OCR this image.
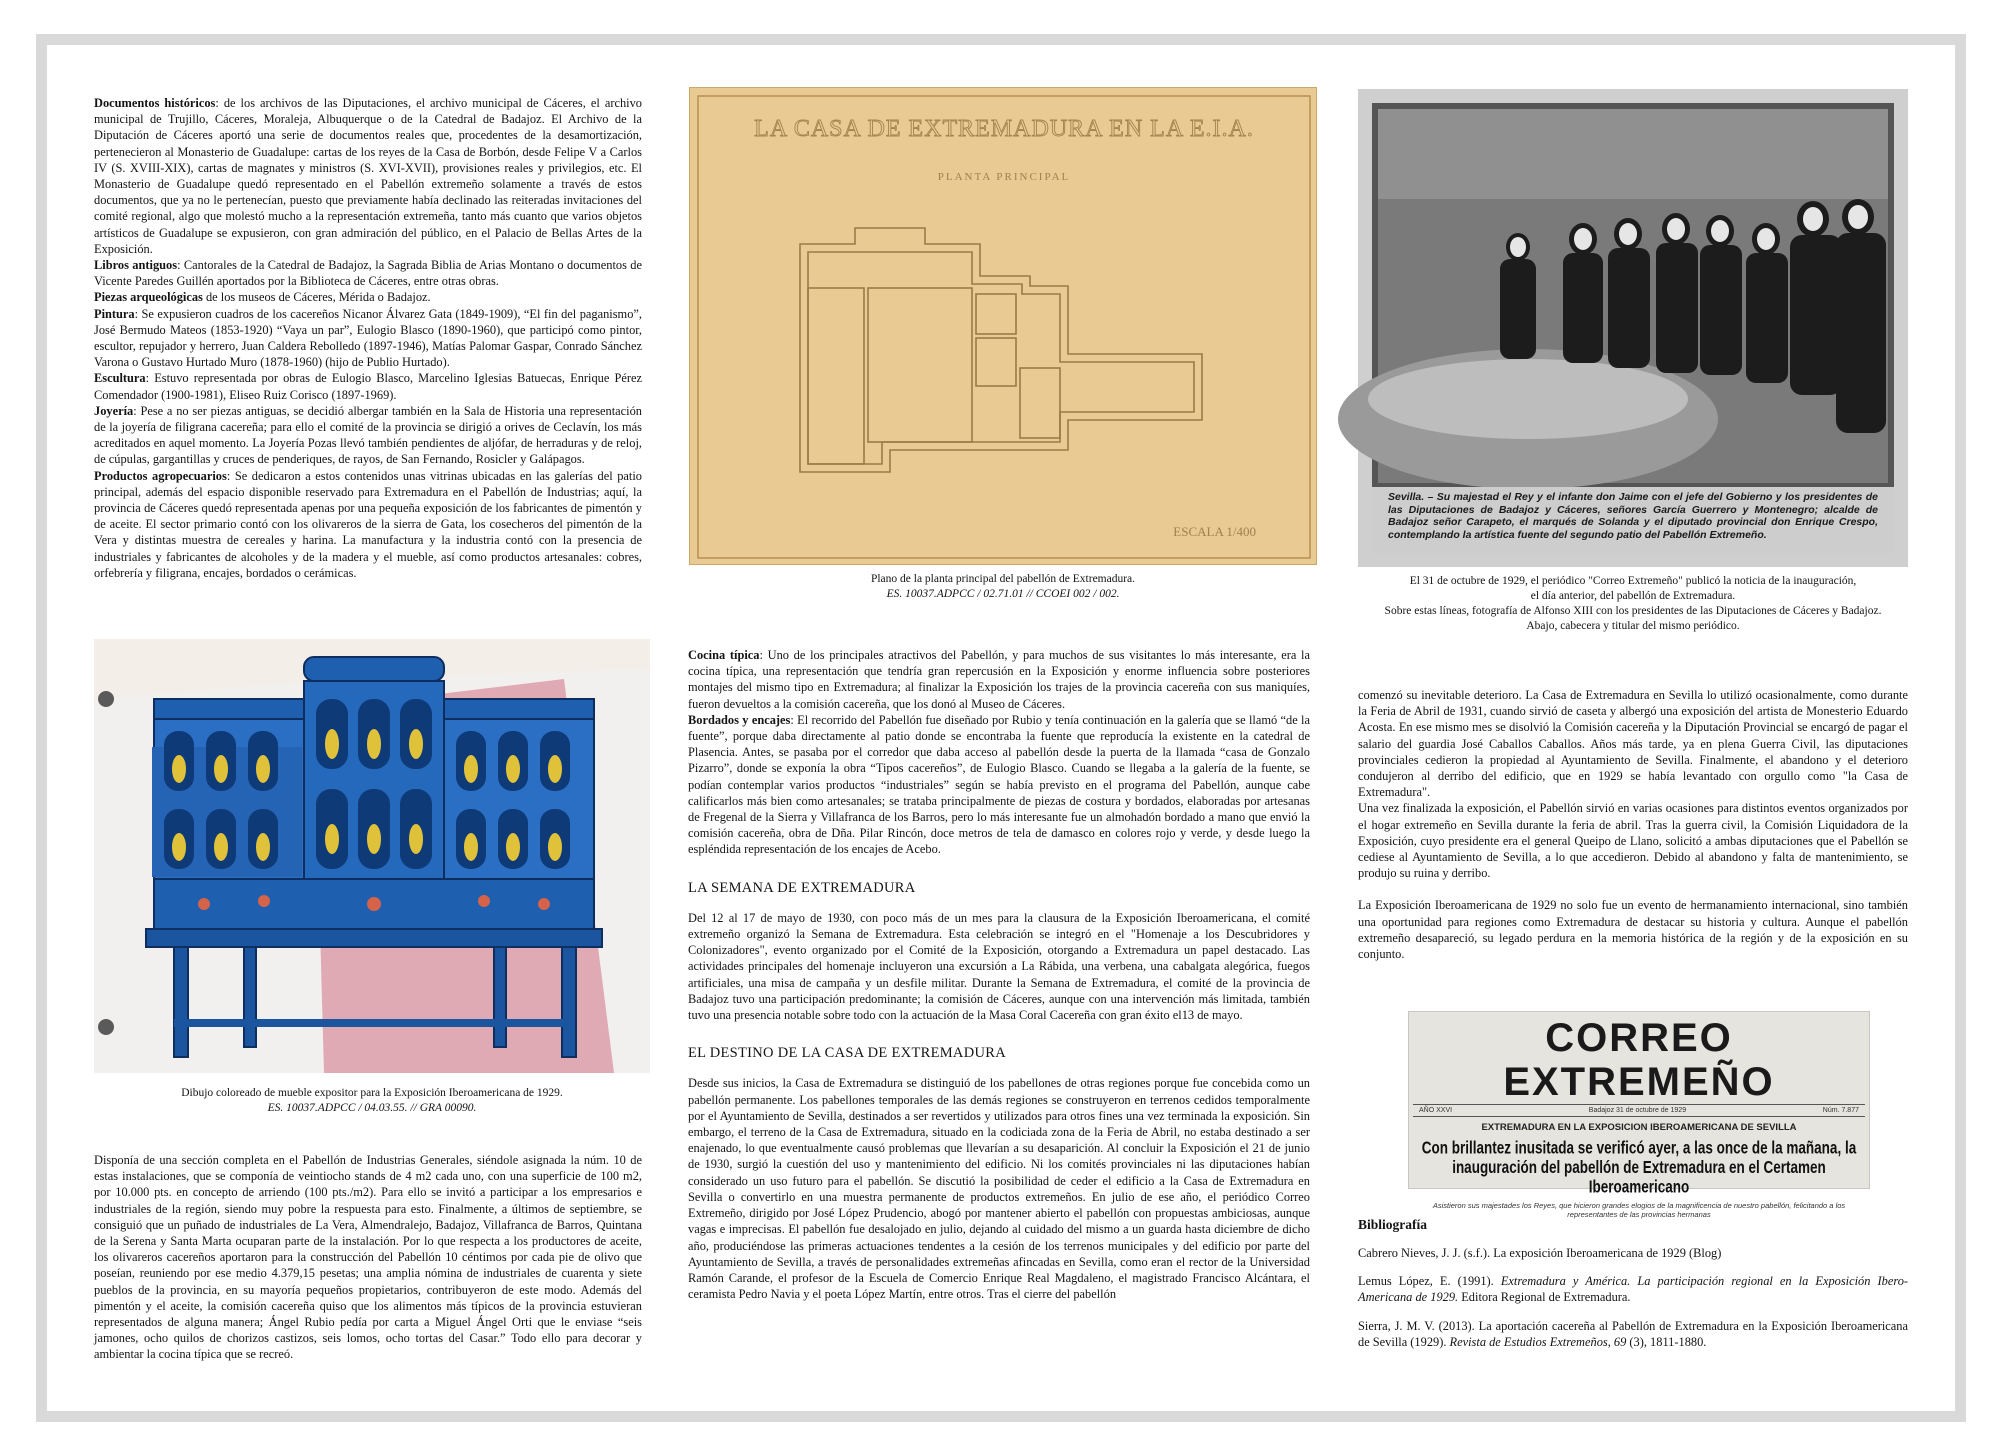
Documentos históricos: de los archivos de las Diputaciones, el archivo municipal de Cáceres, el archivo municipal de Trujillo, Cáceres, Moraleja, Albuquerque o de la Catedral de Badajoz. El Archivo de la Diputación de Cáceres aportó una serie de documentos reales que, procedentes de la desamortización, pertenecieron al Monasterio de Guadalupe: cartas de los reyes de la Casa de Borbón, desde Felipe V a Carlos IV (S. XVIII-XIX), cartas de magnates y ministros (S. XVI-XVII), provisiones reales y privilegios, etc. El Monasterio de Guadalupe quedó representado en el Pabellón extremeño solamente a través de estos documentos, que ya no le pertenecían, puesto que previamente había declinado las reiteradas invitaciones del comité regional, algo que molestó mucho a la representación extremeña, tanto más cuanto que varios objetos artísticos de Guadalupe se expusieron, con gran admiración del público, en el Palacio de Bellas Artes de la Exposición.

Libros antiguos: Cantorales de la Catedral de Badajoz, la Sagrada Biblia de Arias Montano o documentos de Vicente Paredes Guillén aportados por la Biblioteca de Cáceres, entre otras obras.

Piezas arqueológicas de los museos de Cáceres, Mérida o Badajoz.

Pintura: Se expusieron cuadros de los cacereños Nicanor Álvarez Gata (1849-1909), “El fin del paganismo”, José Bermudo Mateos (1853-1920) “Vaya un par”, Eulogio Blasco (1890-1960), que participó como pintor, escultor, repujador y herrero, Juan Caldera Rebolledo (1897-1946), Matías Palomar Gaspar, Conrado Sánchez Varona o Gustavo Hurtado Muro (1878-1960) (hijo de Publio Hurtado).

Escultura: Estuvo representada por obras de Eulogio Blasco, Marcelino Iglesias Batuecas, Enrique Pérez Comendador (1900-1981), Eliseo Ruiz Corisco (1897-1969).

Joyería: Pese a no ser piezas antiguas, se decidió albergar también en la Sala de Historia una representación de la joyería de filigrana cacereña; para ello el comité de la provincia se dirigió a orives de Ceclavín, los más acreditados en aquel momento. La Joyería Pozas llevó también pendientes de aljófar, de herraduras y de reloj, de cúpulas, gargantillas y cruces de penderiques, de rayos, de San Fernando, Rosicler y Galápagos.

Productos agropecuarios: Se dedicaron a estos contenidos unas vitrinas ubicadas en las galerías del patio principal, además del espacio disponible reservado para Extremadura en el Pabellón de Industrias; aquí, la provincia de Cáceres quedó representada apenas por una pequeña exposición de los fabricantes de pimentón y de aceite. El sector primario contó con los olivareros de la sierra de Gata, los cosecheros del pimentón de la Vera y distintas muestra de cereales y harina. La manufactura y la industria contó con la presencia de industriales y fabricantes de alcoholes y de la madera y el mueble, así como productos artesanales: cobres, orfebrería y filigrana, encajes, bordados o cerámicas.

Dibujo coloreado de mueble expositor para la Exposición Iberoamericana de 1929.
ES. 10037.ADPCC / 04.03.55. // GRA 00090.

Disponía de una sección completa en el Pabellón de Industrias Generales, siéndole asignada la núm. 10 de estas instalaciones, que se componía de veintiocho stands de 4 m2 cada uno, con una superficie de 100 m2, por 10.000 pts. en concepto de arriendo (100 pts./m2). Para ello se invitó a participar a los empresarios e industriales de la región, siendo muy pobre la respuesta para esto. Finalmente, a últimos de septiembre, se consiguió que un puñado de industriales de La Vera, Almendralejo, Badajoz, Villafranca de Barros, Quintana de la Serena y Santa Marta ocuparan parte de la instalación. Por lo que respecta a los productores de aceite, los olivareros cacereños aportaron para la construcción del Pabellón 10 céntimos por cada pie de olivo que poseían, reuniendo por ese medio 4.379,15 pesetas; una amplia nómina de industriales de cuarenta y siete pueblos de la provincia, en su mayoría pequeños propietarios, contribuyeron de este modo. Además del pimentón y el aceite, la comisión cacereña quiso que los alimentos más típicos de la provincia estuvieran representados de alguna manera; Ángel Rubio pedía por carta a Miguel Ángel Orti que le enviase “seis jamones, ocho quilos de chorizos castizos, seis lomos, ocho tortas del Casar.” Todo ello para decorar y ambientar la cocina típica que se recreó.

LA CASA DE EXTREMADURA EN LA E.I.A.
PLANTA PRINCIPAL
ESCALA 1/400
Plano de la planta principal del pabellón de Extremadura.
ES. 10037.ADPCC / 02.71.01 // CCOEI 002 / 002.

Cocina típica: Uno de los principales atractivos del Pabellón, y para muchos de sus visitantes lo más interesante, era la cocina típica, una representación que tendría gran repercusión en la Exposición y enorme influencia sobre posteriores montajes del mismo tipo en Extremadura; al finalizar la Exposición los trajes de la provincia cacereña con sus maniquíes, fueron devueltos a la comisión cacereña, que los donó al Museo de Cáceres.

Bordados y encajes: El recorrido del Pabellón fue diseñado por Rubio y tenía continuación en la galería que se llamó “de la fuente”, porque daba directamente al patio donde se encontraba la fuente que reproducía la existente en la catedral de Plasencia. Antes, se pasaba por el corredor que daba acceso al pabellón desde la puerta de la llamada “casa de Gonzalo Pizarro”, donde se exponía la obra “Tipos cacereños”, de Eulogio Blasco. Cuando se llegaba a la galería de la fuente, se podían contemplar varios productos “industriales” según se había previsto en el programa del Pabellón, aunque cabe calificarlos más bien como artesanales; se trataba principalmente de piezas de costura y bordados, elaboradas por artesanas de Fregenal de la Sierra y Villafranca de los Barros, pero lo más interesante fue un almohadón bordado a mano que envió la comisión cacereña, obra de Dña. Pilar Rincón, doce metros de tela de damasco en colores rojo y verde, y desde luego la espléndida representación de los encajes de Acebo.

LA SEMANA DE EXTREMADURA

Del 12 al 17 de mayo de 1930, con poco más de un mes para la clausura de la Exposición Iberoamericana, el comité extremeño organizó la Semana de Extremadura. Esta celebración se integró en el "Homenaje a los Descubridores y Colonizadores", evento organizado por el Comité de la Exposición, otorgando a Extremadura un papel destacado. Las actividades principales del homenaje incluyeron una excursión a La Rábida, una verbena, una cabalgata alegórica, fuegos artificiales, una misa de campaña y un desfile militar. Durante la Semana de Extremadura, el comité de la provincia de Badajoz tuvo una participación predominante; la comisión de Cáceres, aunque con una intervención más limitada, también tuvo una presencia notable sobre todo con la actuación de la Masa Coral Cacereña con gran éxito el13 de mayo.

EL DESTINO DE LA CASA DE EXTREMADURA

Desde sus inicios, la Casa de Extremadura se distinguió de los pabellones de otras regiones porque fue concebida como un pabellón permanente. Los pabellones temporales de las demás regiones se construyeron en terrenos cedidos temporalmente por el Ayuntamiento de Sevilla, destinados a ser revertidos y utilizados para otros fines una vez terminada la exposición. Sin embargo, el terreno de la Casa de Extremadura, situado en la codiciada zona de la Feria de Abril, no estaba destinado a ser enajenado, lo que eventualmente causó problemas que llevarían a su desaparición. Al concluir la Exposición el 21 de junio de 1930, surgió la cuestión del uso y mantenimiento del edificio. Ni los comités provinciales ni las diputaciones habían considerado un uso futuro para el pabellón. Se discutió la posibilidad de ceder el edificio a la Casa de Extremadura en Sevilla o convertirlo en una muestra permanente de productos extremeños. En julio de ese año, el periódico Correo Extremeño, dirigido por José López Prudencio, abogó por mantener abierto el pabellón con propuestas ambiciosas, aunque vagas e imprecisas. El pabellón fue desalojado en julio, dejando al cuidado del mismo a un guarda hasta diciembre de dicho año, produciéndose las primeras actuaciones tendentes a la cesión de los terrenos municipales y del edificio por parte del Ayuntamiento de Sevilla, a través de personalidades extremeñas afincadas en Sevilla, como eran el rector de la Universidad Ramón Carande, el profesor de la Escuela de Comercio Enrique Real Magdaleno, el magistrado Francisco Alcántara, el ceramista Pedro Navia y el poeta López Martín, entre otros. Tras el cierre del pabellón

Sevilla. – Su majestad el Rey y el infante don Jaime con el jefe del Gobierno y los presidentes de las Diputaciones de Badajoz y Cáceres, señores García Guerrero y Montenegro; alcalde de Badajoz señor Carapeto, el marqués de Solanda y el diputado provincial don Enrique Crespo, contemplando la artística fuente del segundo patio del Pabellón Extremeño.
El 31 de octubre de 1929, el periódico "Correo Extremeño" publicó la noticia de la inauguración,
el día anterior, del pabellón de Extremadura.
Sobre estas líneas, fotografía de Alfonso XIII con los presidentes de las Diputaciones de Cáceres y Badajoz.
Abajo, cabecera y titular del mismo periódico.

comenzó su inevitable deterioro. La Casa de Extremadura en Sevilla lo utilizó ocasionalmente, como durante la Feria de Abril de 1931, cuando sirvió de caseta y albergó una exposición del artista de Monesterio Eduardo Acosta. En ese mismo mes se disolvió la Comisión cacereña y la Diputación Provincial se encargó de pagar el salario del guardia José Caballos Caballos. Años más tarde, ya en plena Guerra Civil, las diputaciones provinciales cedieron la propiedad al Ayuntamiento de Sevilla. Finalmente, el abandono y el deterioro condujeron al derribo del edificio, que en 1929 se había levantado con orgullo como "la Casa de Extremadura".

Una vez finalizada la exposición, el Pabellón sirvió en varias ocasiones para distintos eventos organizados por el hogar extremeño en Sevilla durante la feria de abril. Tras la guerra civil, la Comisión Liquidadora de la Exposición, cuyo presidente era el general Queipo de Llano, solicitó a ambas diputaciones que el Pabellón se cediese al Ayuntamiento de Sevilla, a lo que accedieron. Debido al abandono y falta de mantenimiento, se produjo su ruina y derribo.

La Exposición Iberoamericana de 1929 no solo fue un evento de hermanamiento internacional, sino también una oportunidad para regiones como Extremadura de destacar su historia y cultura. Aunque el pabellón extremeño desapareció, su legado perdura en la memoria histórica de la región y de la exposición en su conjunto.

CORREO EXTREMEÑO
AÑO XXVI	Badajoz 31 de octubre de 1929	Núm. 7.877
EXTREMADURA EN LA EXPOSICION IBEROAMERICANA DE SEVILLA
Con brillantez inusitada se verificó ayer, a las once de la mañana, la inauguración del pabellón de Extremadura en el Certamen Iberoamericano
Asistieron sus majestades los Reyes, que hicieron grandes elogios de la magnificencia de nuestro pabellón, felicitando a los representantes de las provincias hermanas
Bibliografía

Cabrero Nieves, J. J. (s.f.). La exposición Iberoamericana de 1929 (Blog)

Lemus López, E. (1991). Extremadura y América. La participación regional en la Exposición Ibero-Americana de 1929. Editora Regional de Extremadura.

Sierra, J. M. V. (2013). La aportación cacereña al Pabellón de Extremadura en la Exposición Iberoamericana de Sevilla (1929). Revista de Estudios Extremeños, 69 (3), 1811-1880.
